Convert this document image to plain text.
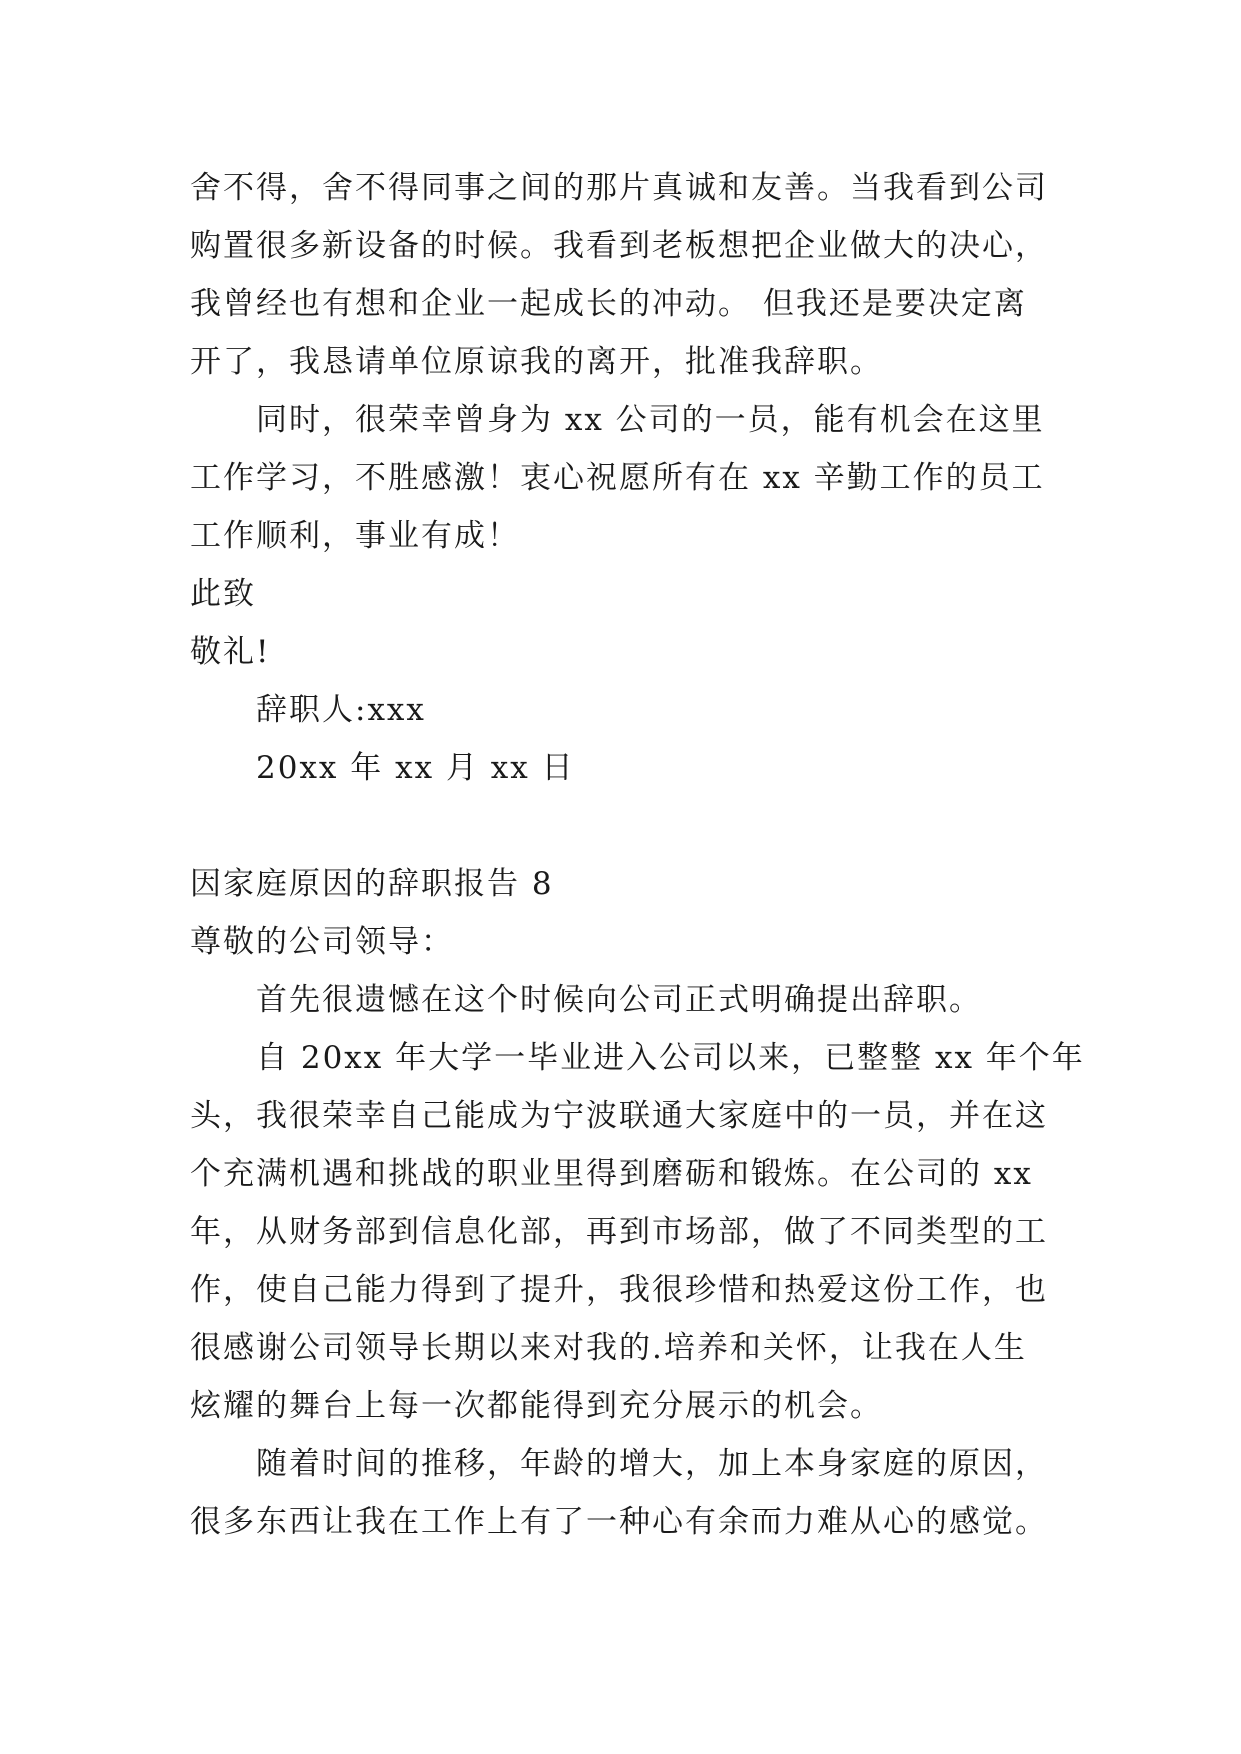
舍不得，舍不得同事之间的那片真诚和友善。当我看到公司
购置很多新设备的时候。我看到老板想把企业做大的决心，
我曾经也有想和企业一起成长的冲动。 但我还是要决定离
开了，我恳请单位原谅我的离开，批准我辞职。
同时，很荣幸曾身为 xx 公司的一员，能有机会在这里
工作学习，不胜感激！衷心祝愿所有在 xx 辛勤工作的员工
工作顺利，事业有成！
此致
敬礼!
辞职人:xxx
20xx 年 xx 月 xx 日
因家庭原因的辞职报告 8
尊敬的公司领导：
首先很遗憾在这个时候向公司正式明确提出辞职。
自 20xx 年大学一毕业进入公司以来，已整整 xx 年个年
头，我很荣幸自己能成为宁波联通大家庭中的一员，并在这
个充满机遇和挑战的职业里得到磨砺和锻炼。在公司的 xx
年，从财务部到信息化部，再到市场部，做了不同类型的工
作，使自己能力得到了提升，我很珍惜和热爱这份工作，也
很感谢公司领导长期以来对我的.培养和关怀，让我在人生
炫耀的舞台上每一次都能得到充分展示的机会。
随着时间的推移，年龄的增大，加上本身家庭的原因，
很多东西让我在工作上有了一种心有余而力难从心的感觉。
